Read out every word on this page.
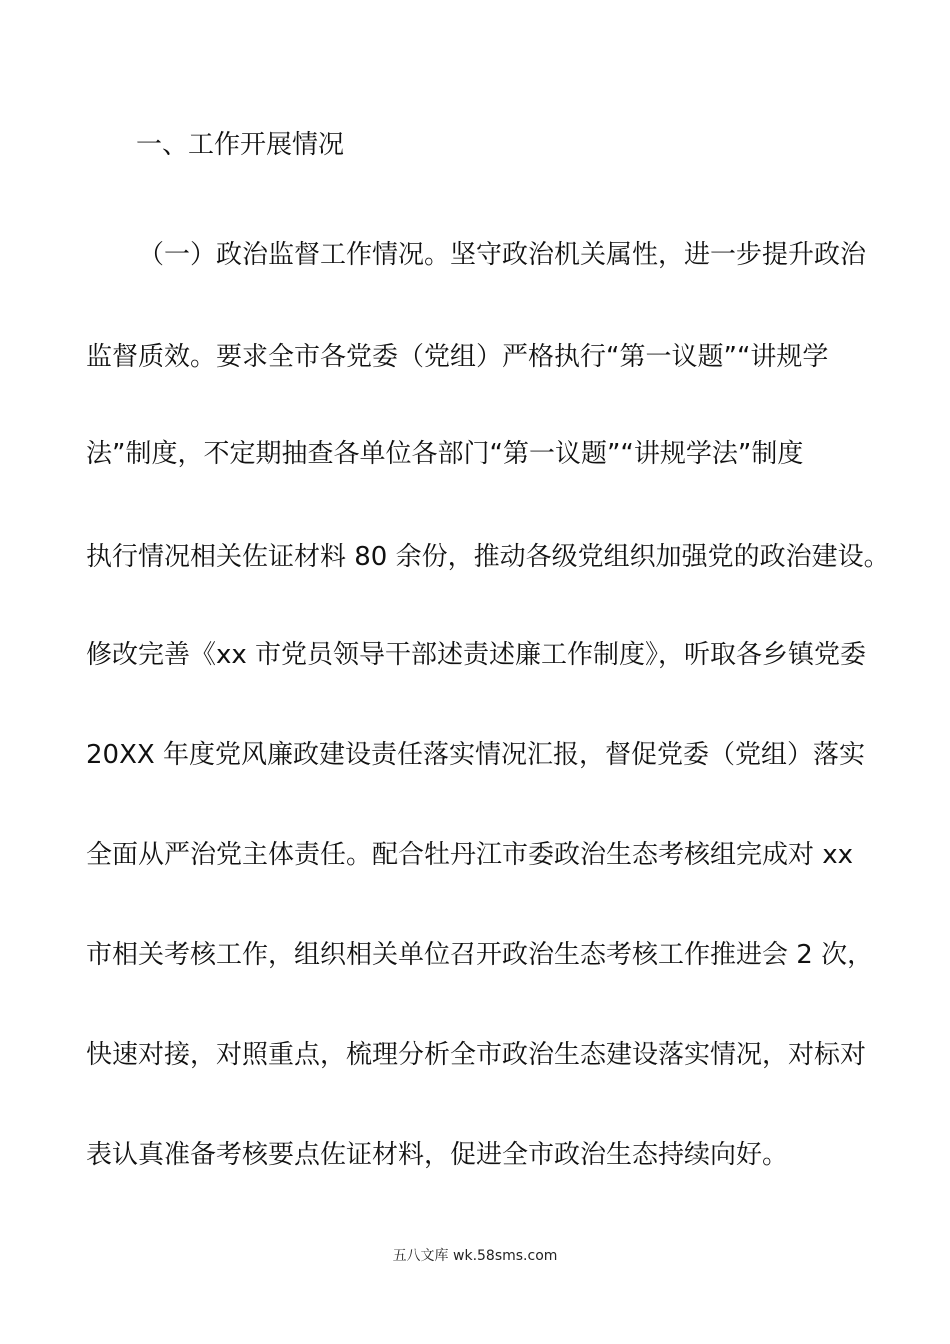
一、工作开展情况
（一）政治监督工作情况。坚守政治机关属性，进一步提升政治
监督质效。要求全市各党委（党组）严格执行“第一议题”“讲规学
法”制度，不定期抽查各单位各部门“第一议题”“讲规学法”制度
执行情况相关佐证材料 80 余份，推动各级党组织加强党的政治建设。
修改完善《xx 市党员领导干部述责述廉工作制度》，听取各乡镇党委
20XX 年度党风廉政建设责任落实情况汇报，督促党委（党组）落实
全面从严治党主体责任。配合牡丹江市委政治生态考核组完成对 xx
市相关考核工作，组织相关单位召开政治生态考核工作推进会 2 次，
快速对接，对照重点，梳理分析全市政治生态建设落实情况，对标对
表认真准备考核要点佐证材料，促进全市政治生态持续向好。
五八文库 wk.58sms.com
